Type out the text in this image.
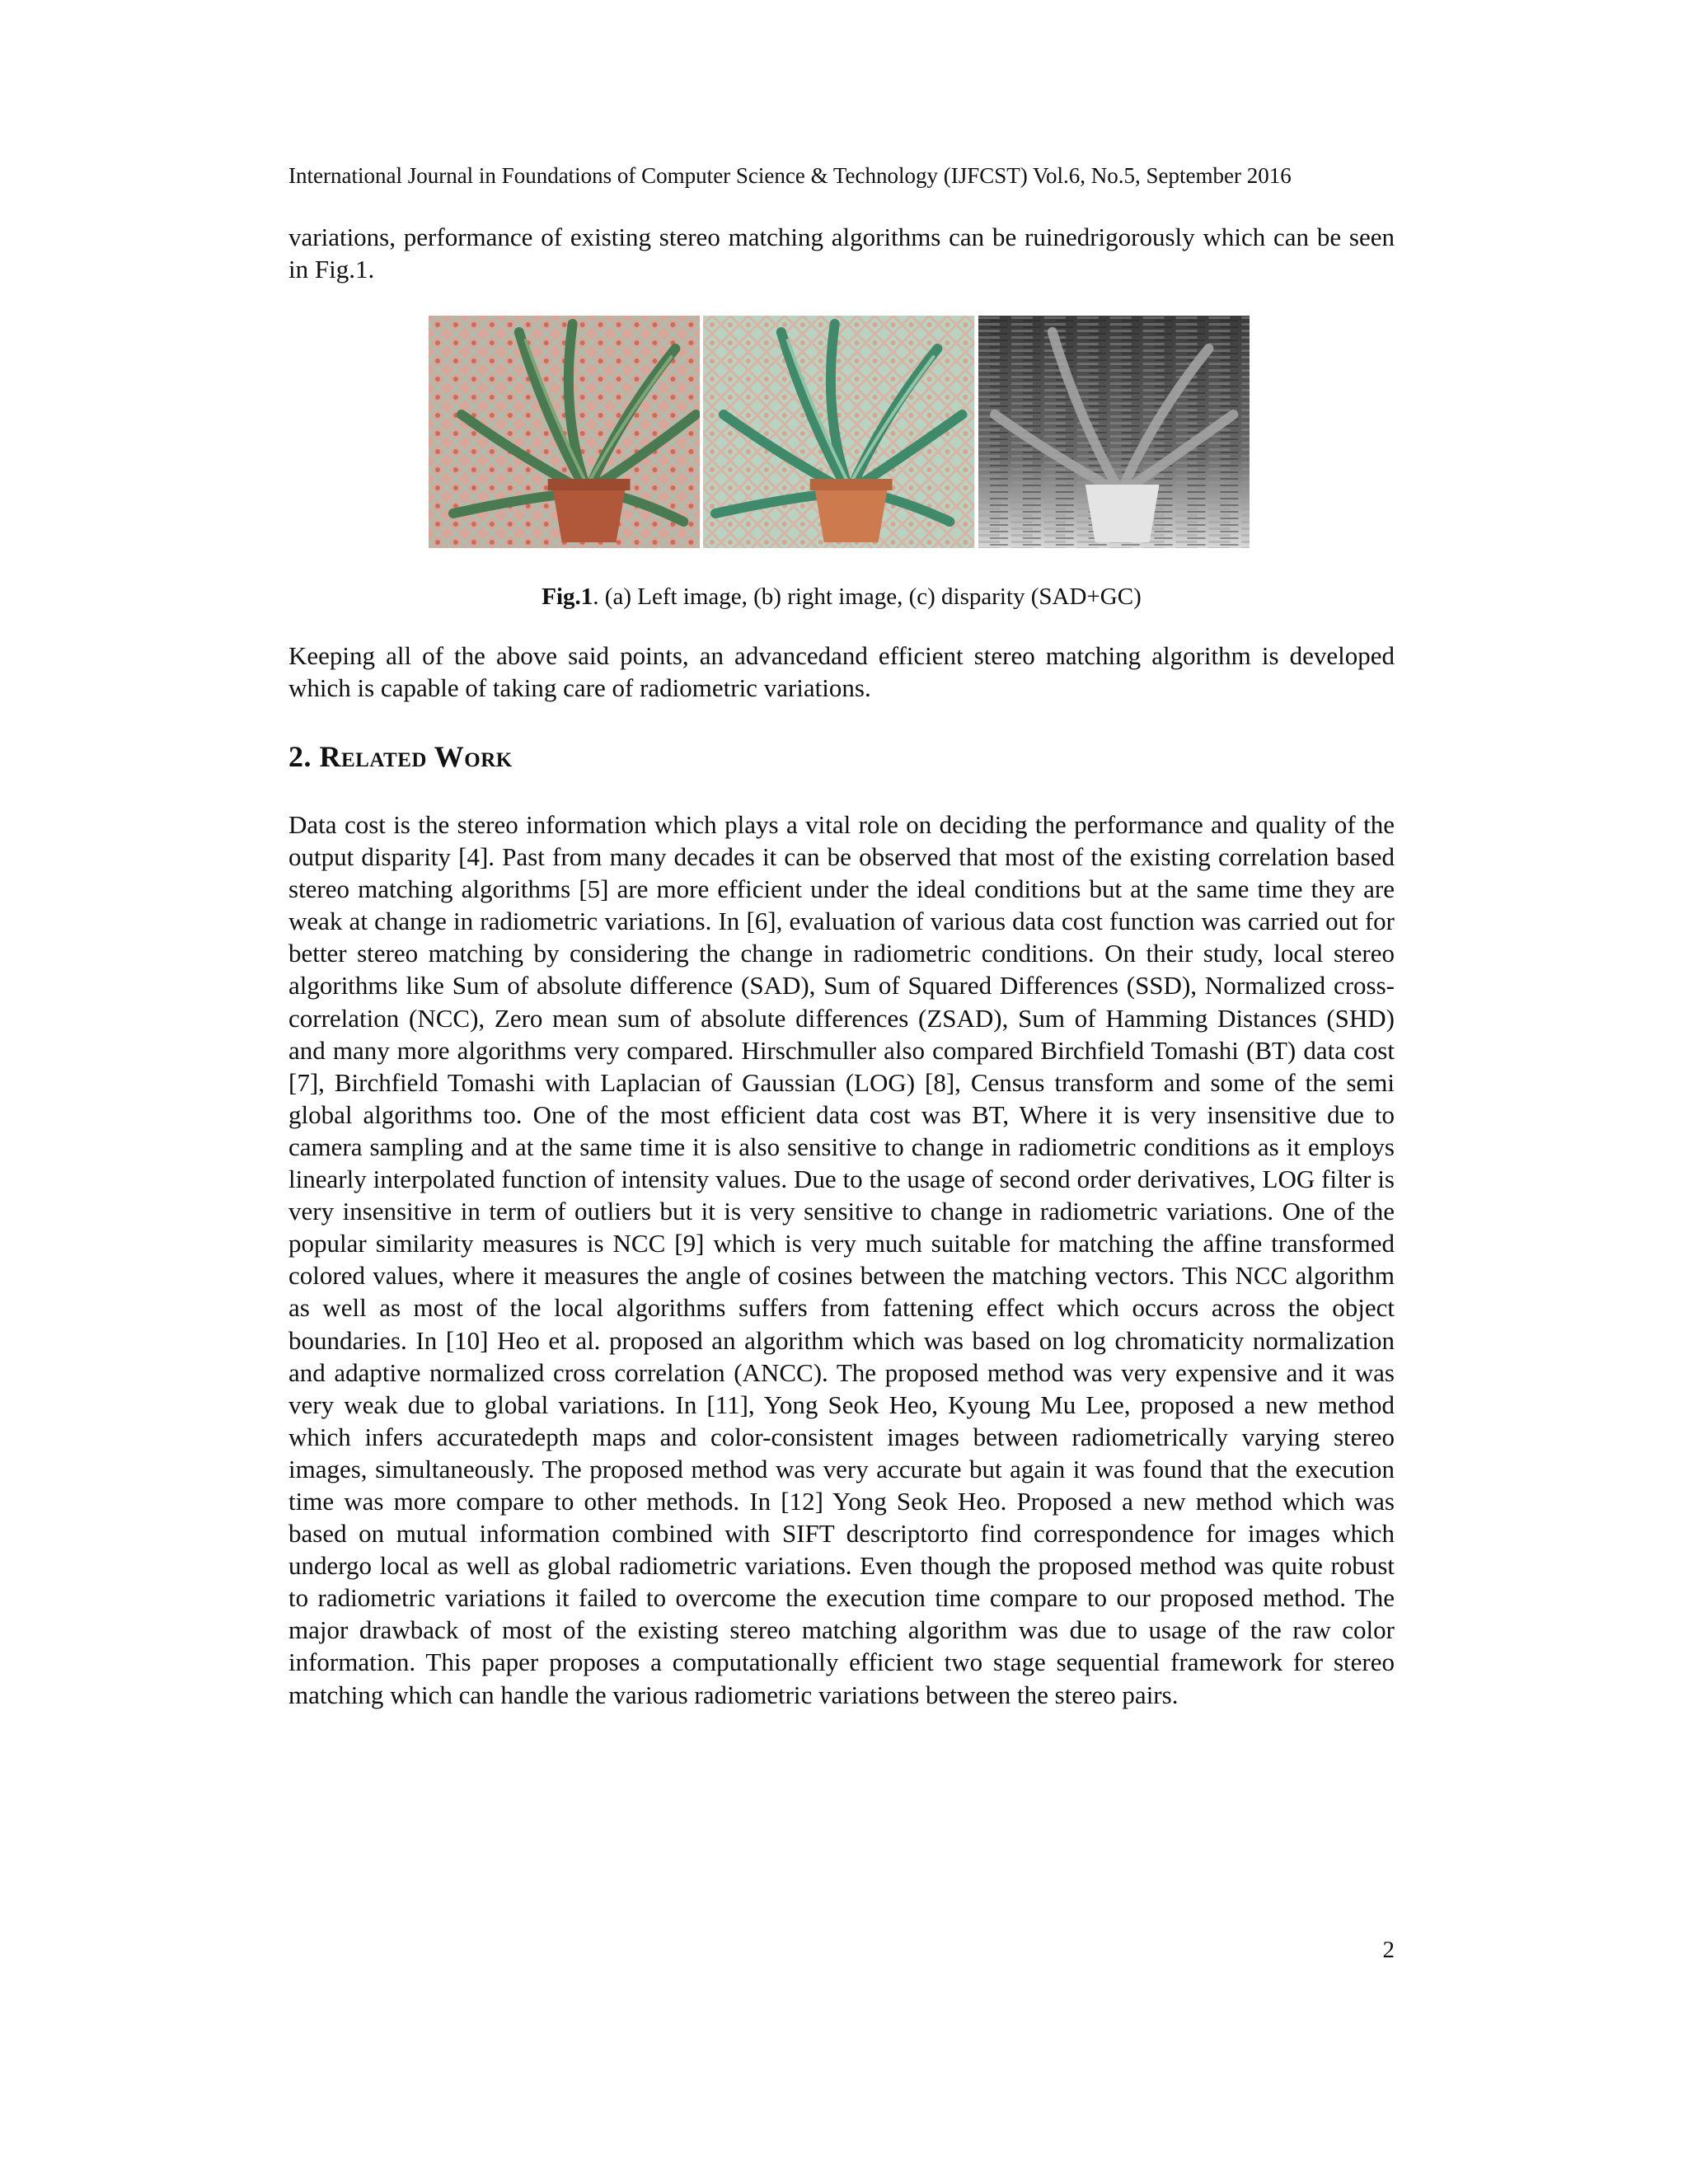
International Journal in Foundations of Computer Science & Technology (IJFCST) Vol.6, No.5, September 2016

variations, performance of existing stereo matching algorithms can be ruinedrigorously which can be seen in Fig.1.

Fig.1. (a) Left image, (b) right image, (c) disparity (SAD+GC)

Keeping all of the above said points, an advancedand efficient stereo matching algorithm is developed which is capable of taking care of radiometric variations.

2. Related Work

Data cost is the stereo information which plays a vital role on deciding the performance and quality of the output disparity [4]. Past from many decades it can be observed that most of the existing correlation based stereo matching algorithms [5] are more efficient under the ideal conditions but at the same time they are weak at change in radiometric variations. In [6], evaluation of various data cost function was carried out for better stereo matching by considering the change in radiometric conditions. On their study, local stereo algorithms like Sum of absolute difference (SAD), Sum of Squared Differences (SSD), Normalized cross-correlation (NCC), Zero mean sum of absolute differences (ZSAD), Sum of Hamming Distances (SHD) and many more algorithms very compared. Hirschmuller also compared Birchfield Tomashi (BT) data cost [7], Birchfield Tomashi with Laplacian of Gaussian (LOG) [8], Census transform and some of the semi global algorithms too. One of the most efficient data cost was BT, Where it is very insensitive due to camera sampling and at the same time it is also sensitive to change in radiometric conditions as it employs linearly interpolated function of intensity values. Due to the usage of second order derivatives, LOG filter is very insensitive in term of outliers but it is very sensitive to change in radiometric variations. One of the popular similarity measures is NCC [9] which is very much suitable for matching the affine transformed colored values, where it measures the angle of cosines between the matching vectors. This NCC algorithm as well as most of the local algorithms suffers from fattening effect which occurs across the object boundaries. In [10] Heo et al. proposed an algorithm which was based on log chromaticity normalization and adaptive normalized cross correlation (ANCC). The proposed method was very expensive and it was very weak due to global variations. In [11], Yong Seok Heo, Kyoung Mu Lee, proposed a new method which infers accuratedepth maps and color-consistent images between radiometrically varying stereo images, simultaneously. The proposed method was very accurate but again it was found that the execution time was more compare to other methods. In [12] Yong Seok Heo. Proposed a new method which was based on mutual information combined with SIFT descriptorto find correspondence for images which undergo local as well as global radiometric variations. Even though the proposed method was quite robust to radiometric variations it failed to overcome the execution time compare to our proposed method. The major drawback of most of the existing stereo matching algorithm was due to usage of the raw color information. This paper proposes a computationally efficient two stage sequential framework for stereo matching which can handle the various radiometric variations between the stereo pairs.

2
